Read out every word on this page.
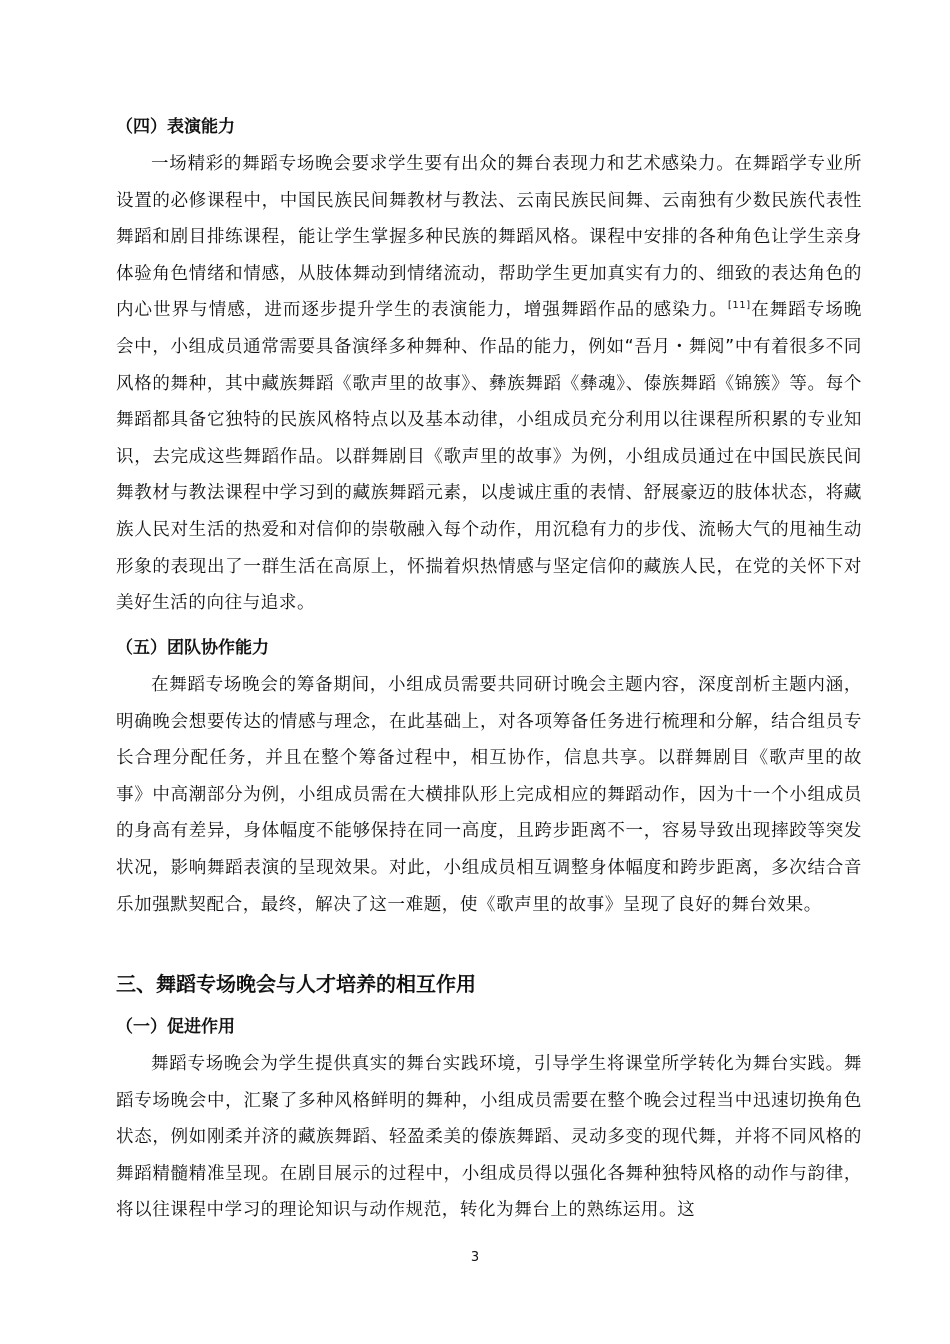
（四）表演能力

一场精彩的舞蹈专场晚会要求学生要有出众的舞台表现力和艺术感染力。在舞蹈学专业所设置的必修课程中，中国民族民间舞教材与教法、云南民族民间舞、云南独有少数民族代表性舞蹈和剧目排练课程，能让学生掌握多种民族的舞蹈风格。课程中安排的各种角色让学生亲身体验角色情绪和情感，从肢体舞动到情绪流动，帮助学生更加真实有力的、细致的表达角色的内心世界与情感，进而逐步提升学生的表演能力，增强舞蹈作品的感染力。[11]在舞蹈专场晚会中，小组成员通常需要具备演绎多种舞种、作品的能力，例如“吾月・舞阅”中有着很多不同风格的舞种，其中藏族舞蹈《歌声里的故事》、彝族舞蹈《彝魂》、傣族舞蹈《锦簇》等。每个舞蹈都具备它独特的民族风格特点以及基本动律，小组成员充分利用以往课程所积累的专业知识，去完成这些舞蹈作品。以群舞剧目《歌声里的故事》为例，小组成员通过在中国民族民间舞教材与教法课程中学习到的藏族舞蹈元素，以虔诚庄重的表情、舒展豪迈的肢体状态，将藏族人民对生活的热爱和对信仰的崇敬融入每个动作，用沉稳有力的步伐、流畅大气的甩袖生动形象的表现出了一群生活在高原上，怀揣着炽热情感与坚定信仰的藏族人民，在党的关怀下对美好生活的向往与追求。

（五）团队协作能力

在舞蹈专场晚会的筹备期间，小组成员需要共同研讨晚会主题内容，深度剖析主题内涵，明确晚会想要传达的情感与理念，在此基础上，对各项筹备任务进行梳理和分解，结合组员专长合理分配任务，并且在整个筹备过程中，相互协作，信息共享。以群舞剧目《歌声里的故事》中高潮部分为例，小组成员需在大横排队形上完成相应的舞蹈动作，因为十一个小组成员的身高有差异，身体幅度不能够保持在同一高度，且跨步距离不一，容易导致出现摔跤等突发状况，影响舞蹈表演的呈现效果。对此，小组成员相互调整身体幅度和跨步距离，多次结合音乐加强默契配合，最终，解决了这一难题，使《歌声里的故事》呈现了良好的舞台效果。

三、舞蹈专场晚会与人才培养的相互作用
（一）促进作用

舞蹈专场晚会为学生提供真实的舞台实践环境，引导学生将课堂所学转化为舞台实践。舞蹈专场晚会中，汇聚了多种风格鲜明的舞种，小组成员需要在整个晚会过程当中迅速切换角色状态，例如刚柔并济的藏族舞蹈、轻盈柔美的傣族舞蹈、灵动多变的现代舞，并将不同风格的舞蹈精髓精准呈现。在剧目展示的过程中，小组成员得以强化各舞种独特风格的动作与韵律，将以往课程中学习的理论知识与动作规范，转化为舞台上的熟练运用。这

3
